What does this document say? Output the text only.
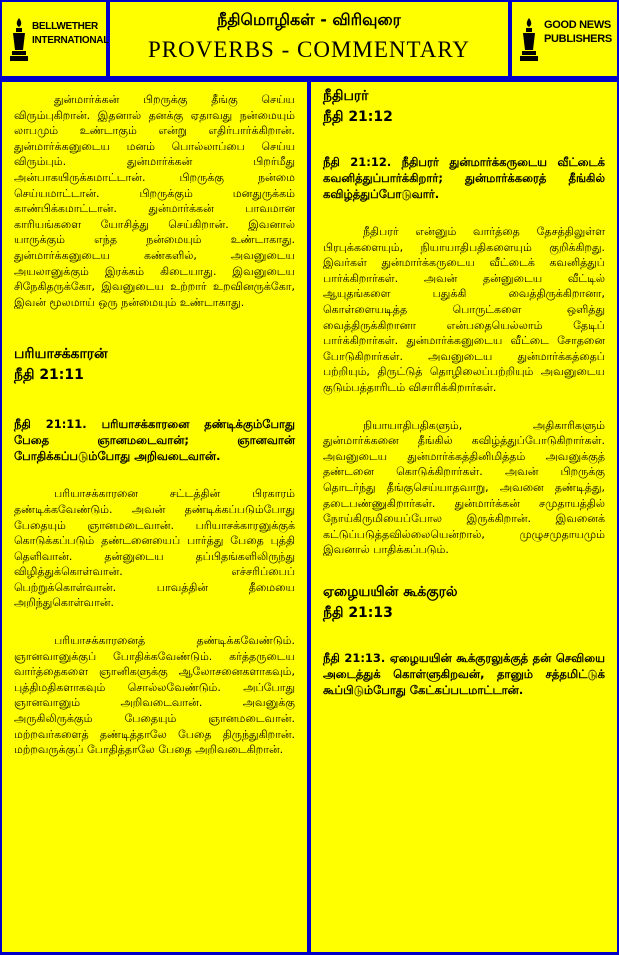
BELLWETHER
INTERNATIONAL
நீதிமொழிகள் - விரிவுரை
PROVERBS - COMMENTARY
GOOD NEWS
PUBLISHERS

துன்மார்க்கன் பிறருக்கு தீங்கு செய்ய விரும்புகிறான். இதனால் தனக்கு ஏதாவது நன்மையும் லாபமும் உண்டாகும் என்று எதிர்பார்க்கிறான். துன்மார்க்கனுடைய மனம் பொல்லாப்பை செய்ய விரும்பும். துன்மார்க்கன் பிறர்மீது அன்பாகயிருக்கமாட்டான். பிறருக்கு நன்மை செய்யமாட்டான். பிறருக்கும் மனதுருக்கம் காண்பிக்கமாட்டான். துன்மார்க்கன் பாவமான காரியங்களை யோசித்து செய்கிறான். இவனால் யாருக்கும் எந்த நன்மையும் உண்டாகாது. துன்மார்க்கனுடைய கண்களில், அவனுடைய அயலானுக்கும் இரக்கம் கிடையாது. இவனுடைய சிநேகிதருக்கோ, இவனுடைய உற்றார் உறவினருக்கோ, இவன் மூலமாய் ஒரு நன்மையும் உண்டாகாது.

பரியாசக்காரன்
நீதி 21:11

நீதி 21:11. பரியாசக்காரனை தண்டிக்கும்போது பேதை ஞானமடைவான்; ஞானவான் போதிக்கப்படும்போது அறிவடைவான்.

பரியாசக்காரனை சட்டத்தின் பிரகாரம் தண்டிக்கவேண்டும். அவன் தண்டிக்கப்படும்போது பேதையும் ஞானமடைவான். பரியாசக்காரனுக்குக் கொடுக்கப்படும் தண்டனையைப் பார்த்து பேதை புத்தி தெளிவான். தன்னுடைய தப்பிதங்களிலிருந்து விழித்துக்கொள்வான். எச்சரிப்பைப் பெற்றுக்கொள்வான். பாவத்தின் தீமையை அறிந்துகொள்வான்.

பரியாசக்காரனைத் தண்டிக்கவேண்டும். ஞானவானுக்குப் போதிக்கவேண்டும். கர்த்தருடைய வார்த்தைகளை ஞானிகளுக்கு ஆலோசனைகளாகவும், புத்திமதிகளாகவும் சொல்லவேண்டும். அப்போது ஞானவானும் அறிவடைவான். அவனுக்கு அருகிலிருக்கும் பேதையும் ஞானமடைவான். மற்றவர்களைத் தண்டித்தாலே பேதை திருந்துகிறான். மற்றவருக்குப் போதித்தாலே பேதை அறிவடைகிறான்.

நீதிபரர்
நீதி 21:12

நீதி 21:12. நீதிபரர் துன்மார்க்கருடைய வீட்டைக் கவனித்துப்பார்க்கிறார்; துன்மார்க்கரைத் தீங்கில் கவிழ்த்துப்போடுவார்.

நீதிபரர் என்னும் வார்த்தை தேசத்திலுள்ள பிரபுக்களையும், நியாயாதிபதிகளையும் குறிக்கிறது. இவர்கள் துன்மார்க்கருடைய வீட்டைக் கவனித்துப் பார்க்கிறார்கள். அவன் தன்னுடைய வீட்டில் ஆயுதங்களை பதுக்கி வைத்திருக்கிறானா, கொள்ளையடித்த பொருட்களை ஒளித்து வைத்திருக்கிறானா என்பதையெல்லாம் தேடிப் பார்க்கிறார்கள். துன்மார்க்கனுடைய வீட்டை சோதனை போடுகிறார்கள். அவனுடைய துன்மார்க்கத்தைப் பற்றியும், திருட்டுத் தொழிலைப்பற்றியும் அவனுடைய குடும்பத்தாரிடம் விசாரிக்கிறார்கள்.

நியாயாதிபதிகளும், அதிகாரிகளும் துன்மார்க்கனை தீங்கில் கவிழ்த்துப்போடுகிறார்கள். அவனுடைய துன்மார்க்கத்தினிமித்தம் அவனுக்குத் தண்டனை கொடுக்கிறார்கள். அவன் பிறருக்கு தொடர்ந்து தீங்குசெய்யாதவாறு, அவனை தண்டித்து, தடைபண்ணுகிறார்கள். துன்மார்க்கன் சமுதாயத்தில் நோய்கிருமியைப்போல இருக்கிறான். இவனைக் கட்டுப்படுத்தவில்லையென்றால், முழுசமுதாயமும் இவனால் பாதிக்கப்படும்.

ஏழையயின் கூக்குரல்
நீதி 21:13

நீதி 21:13. ஏழையயின் கூக்குரலுக்குத் தன் செவியை அடைத்துக் கொள்ளுகிறவன், தானும் சத்தமிட்டுக் கூப்பிடும்போது கேட்கப்படமாட்டான்.
